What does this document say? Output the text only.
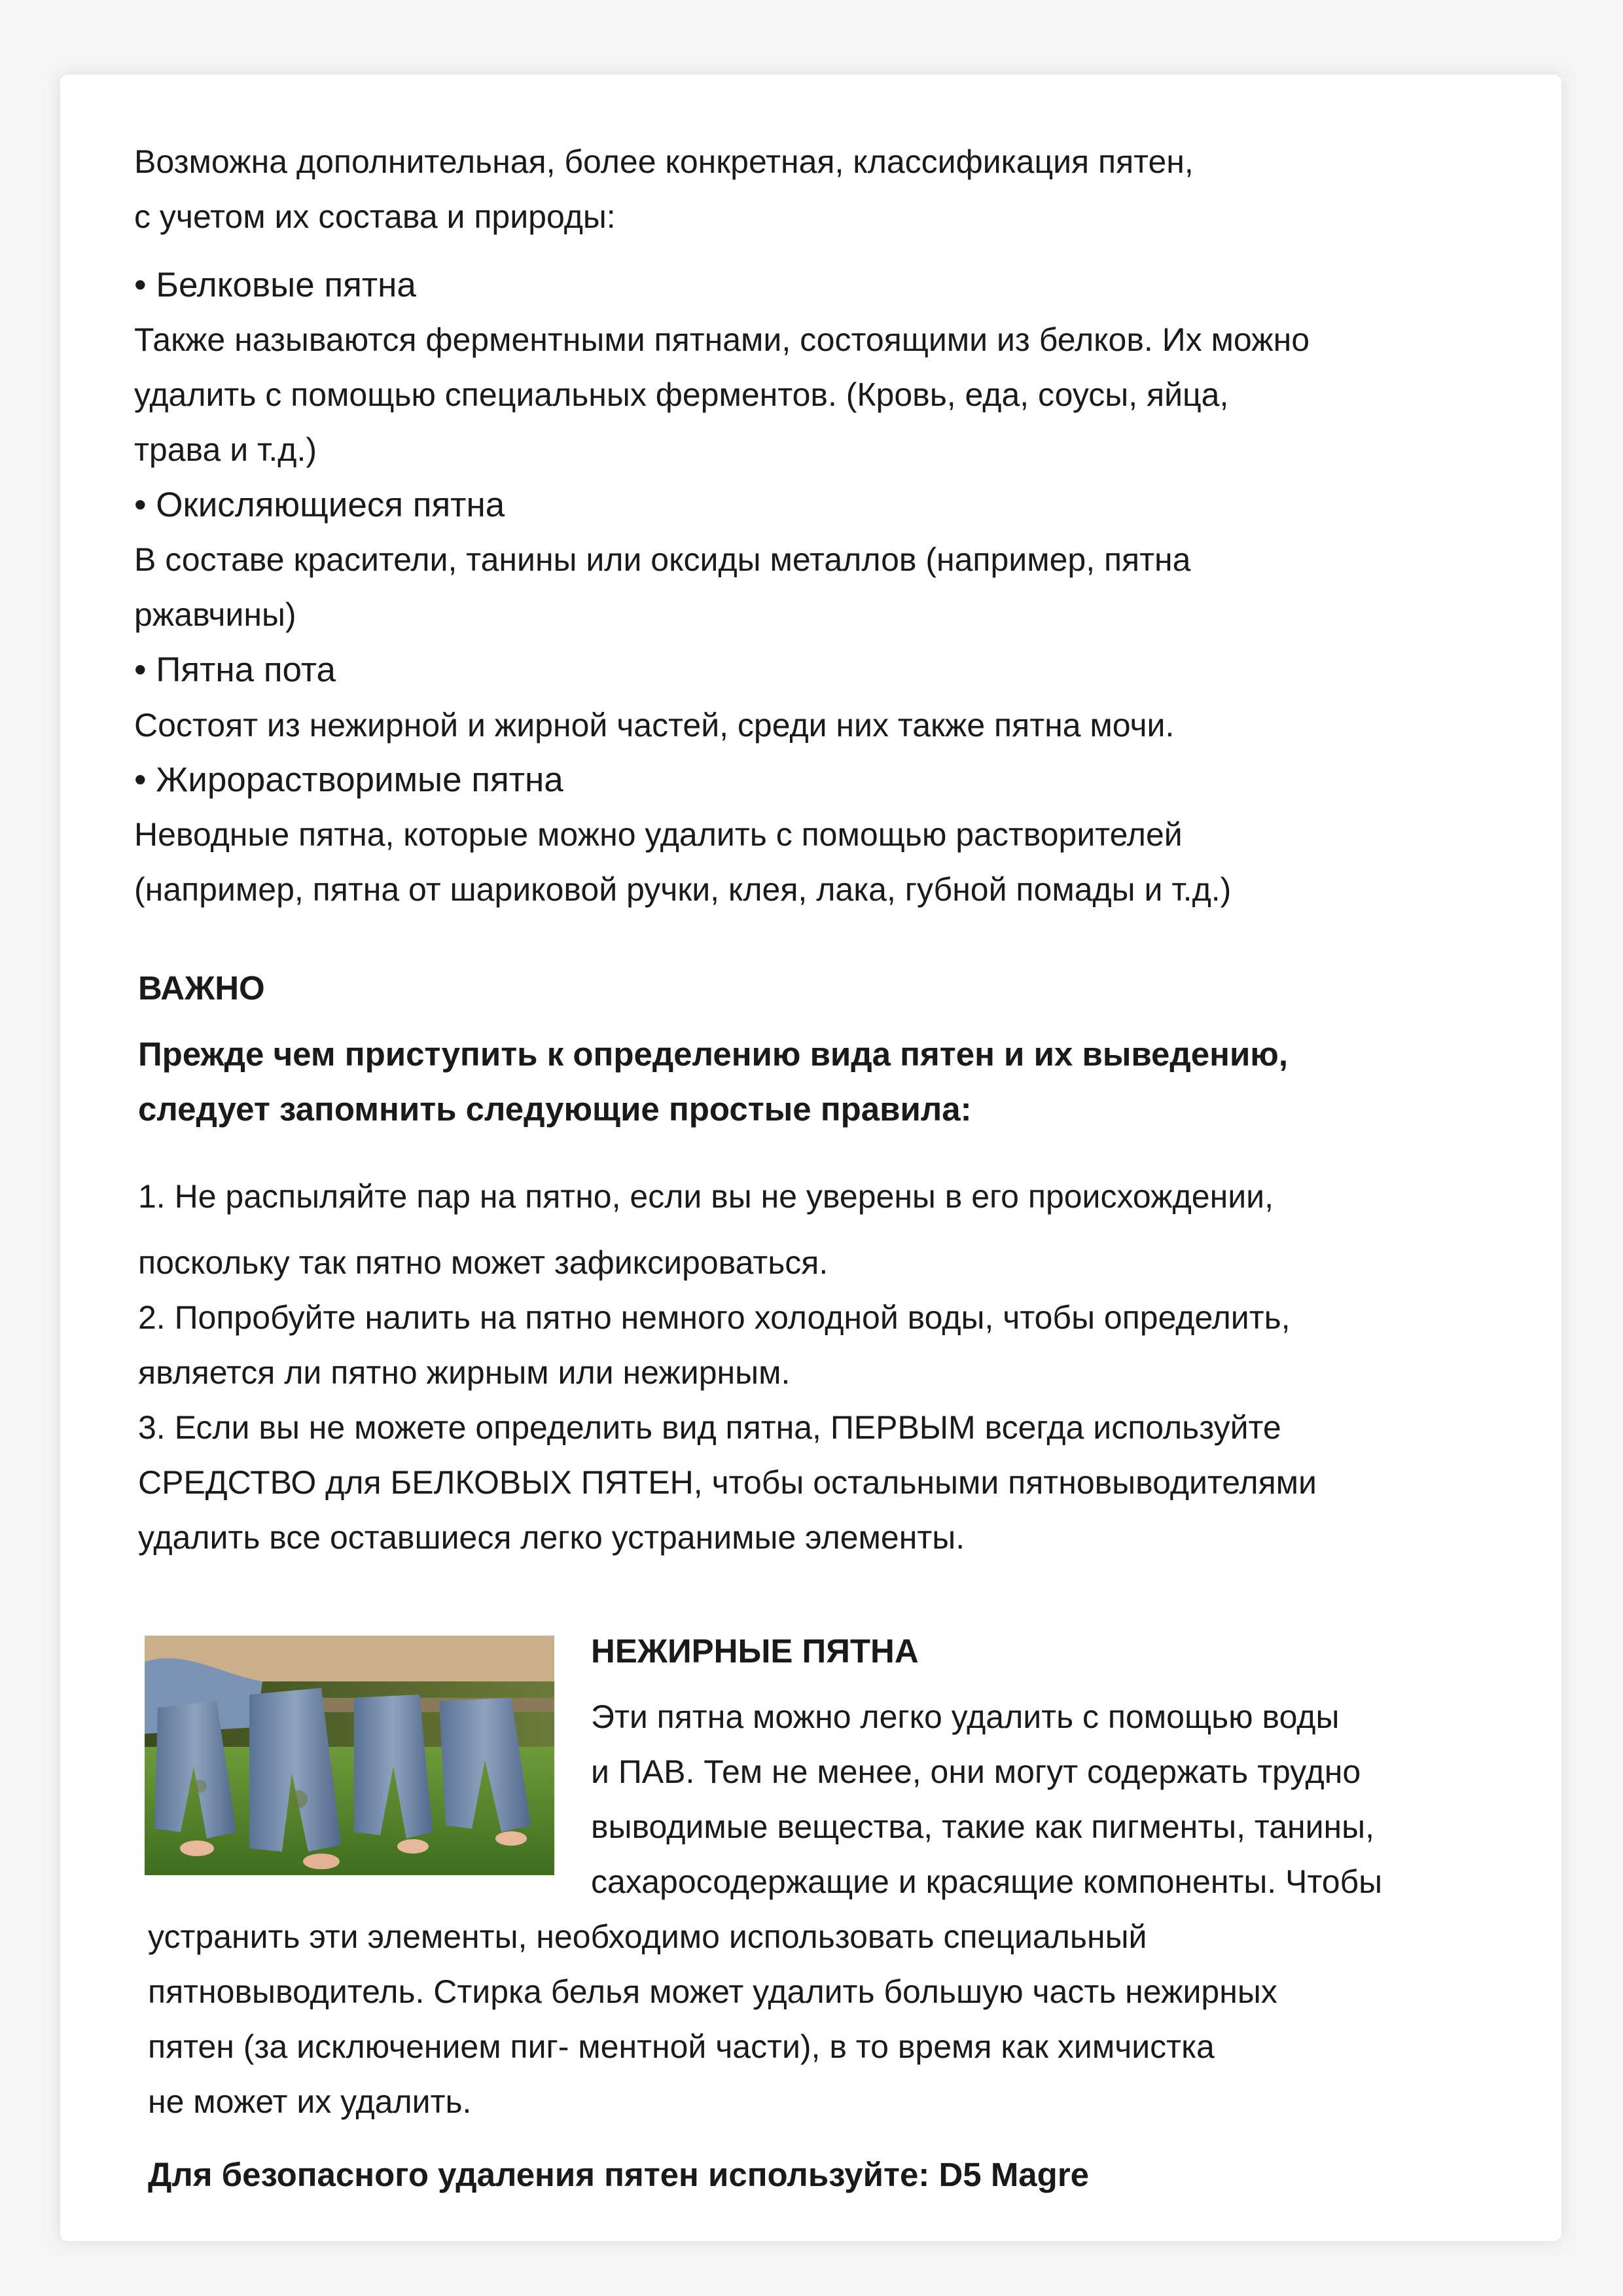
Возможна дополнительная, более конкретная, классификация пятен,

с учетом их состава и природы:

• Белковые пятна

Также называются ферментными пятнами, состоящими из белков. Их можно

удалить с помощью специальных ферментов. (Кровь, еда, соусы, яйца,

трава и т.д.)

• Окисляющиеся пятна

В составе красители, танины или оксиды металлов (например, пятна

ржавчины)

• Пятна пота

Состоят из нежирной и жирной частей, среди них также пятна мочи.

• Жирорастворимые пятна

Неводные пятна, которые можно удалить с помощью растворителей

(например, пятна от шариковой ручки, клея, лака, губной помады и т.д.)

ВАЖНО

Прежде чем приступить к определению вида пятен и их выведению,

следует запомнить следующие простые правила:

1. Не распыляйте пар на пятно, если вы не уверены в его происхождении,

поскольку так пятно может зафиксироваться.

2. Попробуйте налить на пятно немного холодной воды, чтобы определить,

является ли пятно жирным или нежирным.

3. Если вы не можете определить вид пятна, ПЕРВЫМ всегда используйте

СРЕДСТВО для БЕЛКОВЫХ ПЯТЕН, чтобы остальными пятновыводителями

удалить все оставшиеся легко устранимые элементы.

НЕЖИРНЫЕ ПЯТНА

Эти пятна можно легко удалить с помощью воды

и ПАВ. Тем не менее, они могут содержать трудно

выводимые вещества, такие как пигменты, танины,

сахаросодержащие и красящие компоненты. Чтобы

устранить эти элементы, необходимо использовать специальный

пятновыводитель. Стирка белья может удалить большую часть нежирных

пятен (за исключением пиг- ментной части), в то время как химчистка

не может их удалить.

Для безопасного удаления пятен используйте: D5 Magre
